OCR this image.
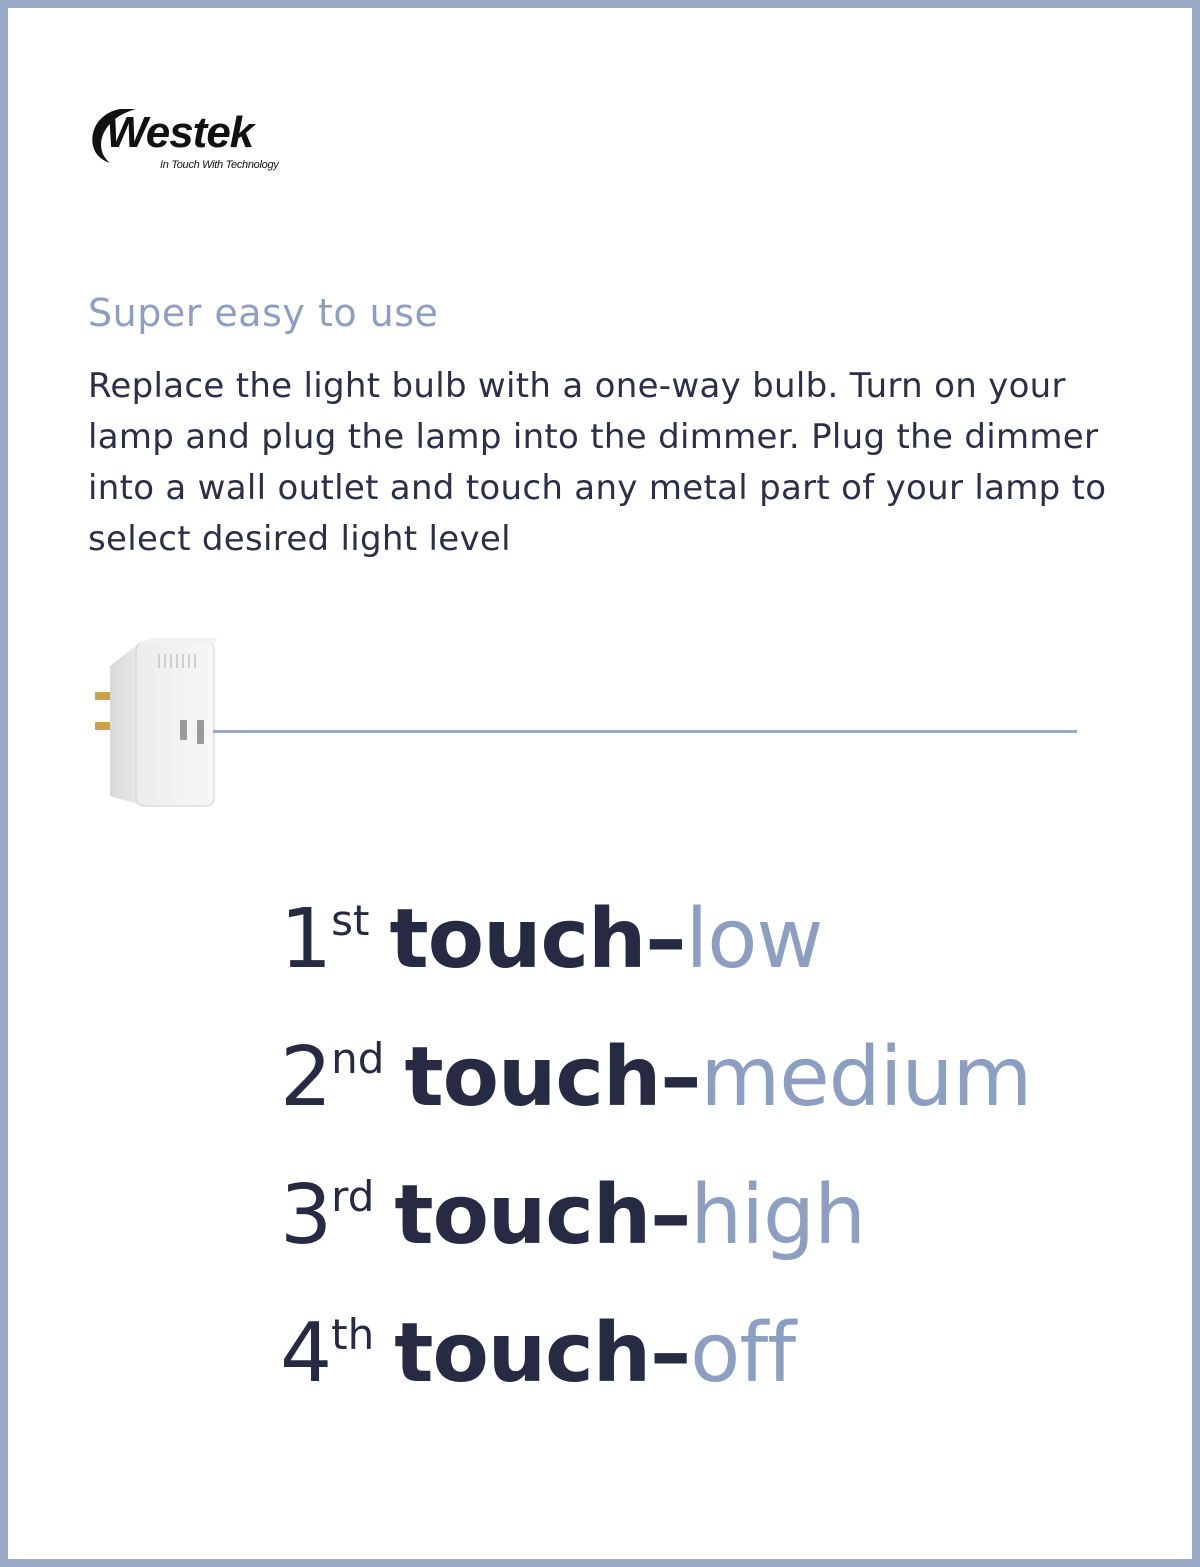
Westek
In Touch With Technology
Super easy to use

Replace the light bulb with a one-way bulb. Turn on your lamp and plug the lamp into the dimmer. Plug the dimmer into a wall outlet and touch any metal part of your lamp to select desired light level

1st touch–low
2nd touch–medium
3rd touch–high
4th touch–off
